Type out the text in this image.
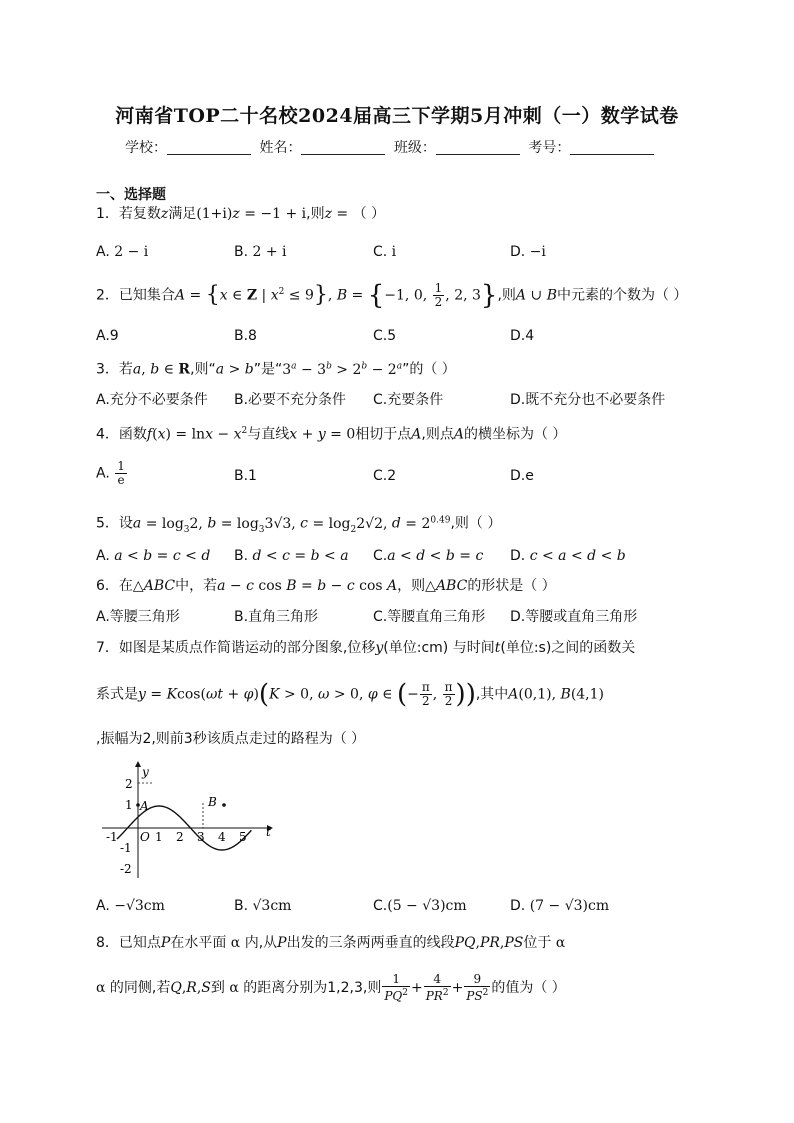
河南省TOP二十名校2024届高三下学期5月冲刺（一）数学试卷
学校：	姓名：	班级：	考号：
一、选择题
1．若复数z满足(1+i)z = −1 + i,则z = （ ）
A. 2 − i	B. 2 + i	C. i	D. −i
2．已知集合A = {x ∈ Z | $x^2 \le 9$}, B = {−1, 0, $\frac{1}{2}$ , 2, 3},则A ∪ B中元素的个数为（ ）
A.9	B.8	C.5	D.4
3．若a, b ∈ R,则“a > b”是“$3^a - 3^b > 2^b - 2^a$”的（ ）
A.充分不必要条件 B.必要不充分条件 C.充要条件	D.既不充分也不必要条件
4．函数$f(x) = \ln x - x^2$与直线x + y = 0相切于点A,则点A的横坐标为（ ）
A. $\frac{1}{e}$	B.1	C.2	D.e
5．设$a = \log_32$, $b = \log_33√3$, $c = \log_22√2$, $d = 2^{0.49}$,则（ ）
A. a < b = c < d B. d < c = b < a C.a < d < b = c D. c < a < d < b
6．在△ABC中，若a − c cos B = b − c cos A，则△ABC的形状是（ ）
A.等腰三角形	B.直角三角形	C.等腰直角三角形 D.等腰或直角三角形
7．如图是某质点作简谐运动的部分图象,位移y(单位:cm) 与时间t(单位:s)之间的函数关
系式是y = Kcos(ωt + φ)(K > 0, ω > 0, φ ∈ (− $\frac{\pi}{2}$ , $\frac{\pi}{2}$ )),其中A(0,1), B(4,1)
,振幅为2,则前3秒该质点走过的路程为（ ）
y
t
O
A	B
-1	1 2 3 4 5
2
1
-1
-2
A. −√3cm	B. √3cm	C.(5 − √3)cm	D. (7 − √3)cm
8．已知点P在水平面 α 内,从P出发的三条两两垂直的线段PQ,PR,PS位于 α
α 的同侧,若Q,R,S到 α 的距离分别为1,2,3,则 $\frac{1}{PQ^2} + \frac{4}{PR^2} + \frac{9}{PS^2}$ 的值为（ ）
